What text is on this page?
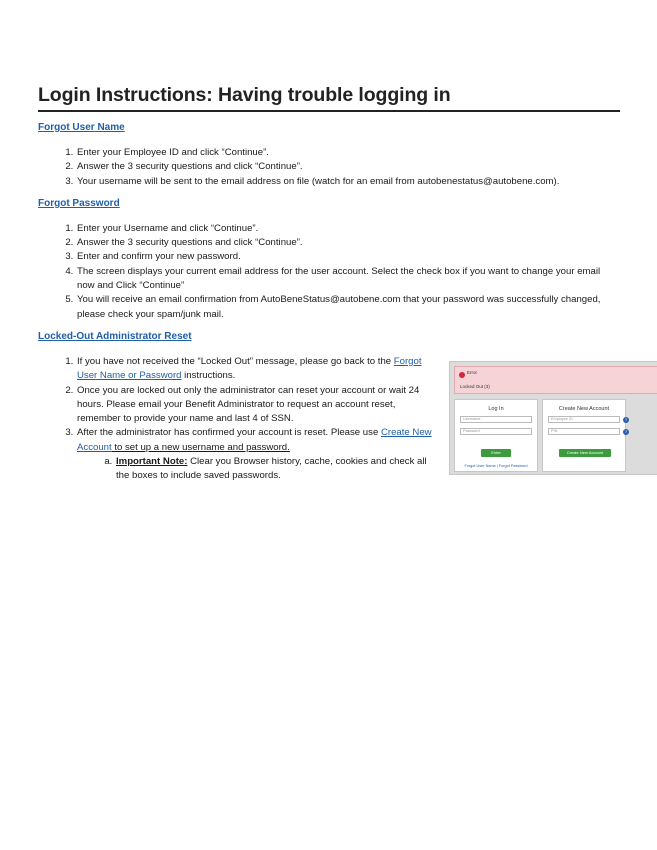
Login Instructions: Having trouble logging in
Forgot User Name
1. Enter your Employee ID and click “Continue”.
2. Answer the 3 security questions and click “Continue”.
3. Your username will be sent to the email address on file (watch for an email from autobenestatus@autobene.com).
Forgot Password
1. Enter your Username and click “Continue”.
2. Answer the 3 security questions and click “Continue”.
3. Enter and confirm your new password.
4. The screen displays your current email address for the user account. Select the check box if you want to change your email now and Click “Continue”
5. You will receive an email confirmation from AutoBeneStatus@autobene.com that your password was successfully changed, please check your spam/junk mail.
Locked-Out Administrator Reset
1. If you have not received the “Locked Out” message, please go back to the Forgot User Name or Password instructions.
2. Once you are locked out only the administrator can reset your account or wait 24 hours. Please email your Benefit Administrator to request an account reset, remember to provide your name and last 4 of SSN.
3. After the administrator has confirmed your account is reset. Please use Create New Account to set up a new username and password.
a. Important Note: Clear you Browser history, cache, cookies and check all the boxes to include saved passwords.
Error
Locked Out (3)
Log In
Username
Password
Enter
Forgot User Name | Forgot Password
Create New Account
Employee ID	?
PIN	?
Create New Account
